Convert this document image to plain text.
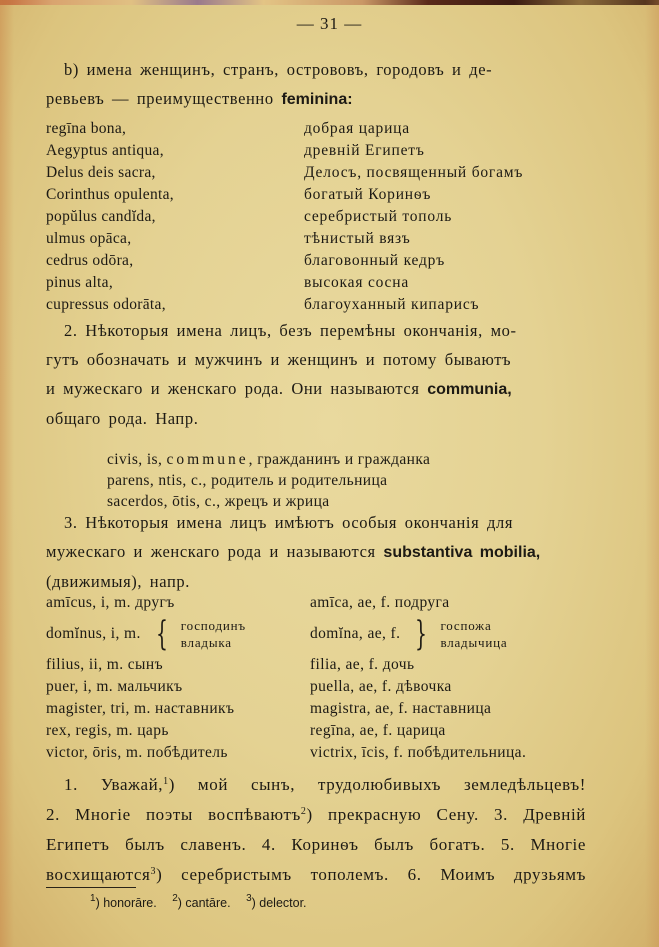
— 31 —
b) имена женщинъ, странъ, острововъ, городовъ и де-
ревьевъ — преимущественно feminina:
regīna bona,	добрая царица
Aegyptus antiqua,	древній Египетъ
Delus deis sacra,	Делосъ, посвященный богамъ
Corinthus opulenta,	богатый Коринѳъ
popŭlus candĭda,	серебристый тополь
ulmus opāca,	тѣнистый вязъ
cedrus odōra,	благовонный кедръ
pinus alta,	высокая сосна
cupressus odorāta,	благоуханный кипарисъ
2. Нѣкоторыя имена лицъ, безъ перемѣны окончанія, мо-
гутъ обозначать и мужчинъ и женщинъ и потому бываютъ
и мужескаго и женскаго рода. Они называются communia,
общаго рода. Напр.
civis, is, commune, гражданинъ и гражданка
parens, ntis, c., родитель и родительница
sacerdos, ōtis, c., жрецъ и жрица
3. Нѣкоторыя имена лицъ имѣютъ особыя окончанія для
мужескаго и женскаго рода и называются substantiva mobilia,
(движимыя), напр.
amīcus, i, m. другъ	amīca, ae, f. подруга
domĭnus, i, m. { господинъ
владыка
domĭna, ae, f. } госпожа
владычица
filius, ii, m. сынъ	filia, ae, f. дочь
puer, i, m. мальчикъ	puella, ae, f. дѣвочка
magister, tri, m. наставникъ	magistra, ae, f. наставница
rex, regis, m. царь	regīna, ae, f. царица
victor, ōris, m. побѣдитель	victrix, īcis, f. побѣдительница.
1. Уважай,$^1$) мой сынъ, трудолюбивыхъ земледѣльцевъ!
2. Многіе поэты воспѣваютъ$^2$) прекрасную Сену. 3. Древній
Египетъ былъ славенъ. 4. Коринѳъ былъ богатъ. 5. Многіе
восхищаются$^3$) серебристымъ тополемъ. 6. Моимъ друзьямъ
$^1$) honorāre. $^2$) cantāre. $^3$) delector.
